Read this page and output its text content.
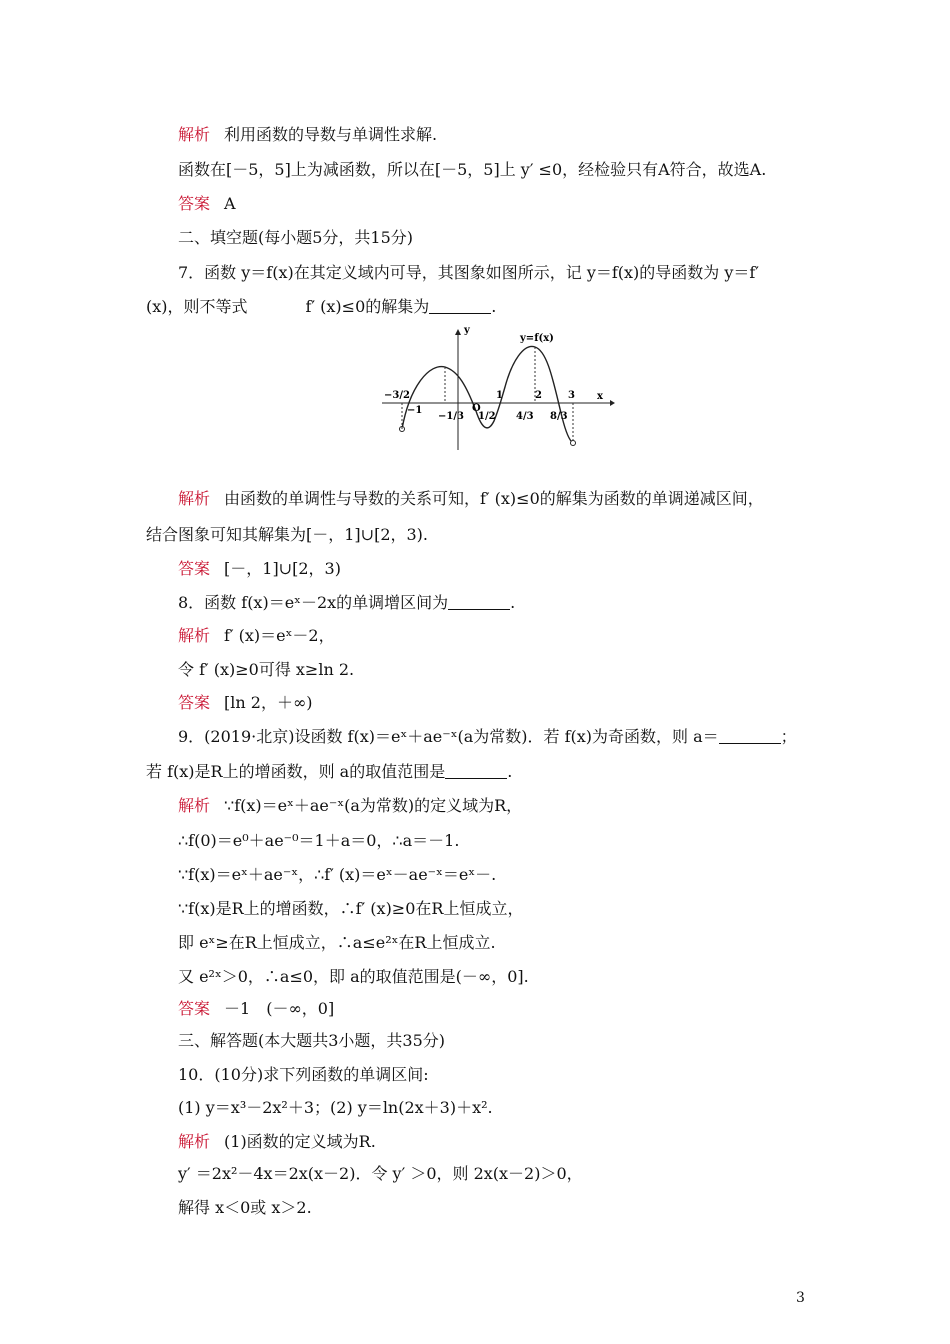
解析 利用函数的导数与单调性求解.
函数在[－5，5]上为减函数，所以在[－5，5]上 y′ ≤0，经检验只有A符合，故选A.
答案 A
二、填空题(每小题5分，共15分)
7．函数 y＝f(x)在其定义域内可导，其图象如图所示，记 y＝f(x)的导函数为 y＝f′
(x)，则不等式	f′ (x)≤0的解集为	.
y
y=f(x)
x
O
−3/2
−1
−1/3 1/2
1
4/3
2
8/3
3
解析 由函数的单调性与导数的关系可知，f′ (x)≤0的解集为函数的单调递减区间，
结合图象可知其解集为[－，1]∪[2，3).
答案 [－，1]∪[2，3)
8．函数 f(x)＝eˣ－2x的单调增区间为	.
解析 f′ (x)＝eˣ－2，
令 f′ (x)≥0可得 x≥ln 2.
答案 [ln 2，＋∞)
9．(2019·北京)设函数 f(x)＝eˣ＋ae⁻ˣ(a为常数)．若 f(x)为奇函数，则 a＝	；
若 f(x)是R上的增函数，则 a的取值范围是	.
解析 ∵f(x)＝eˣ＋ae⁻ˣ(a为常数)的定义域为R，
∴f(0)＝e⁰＋ae⁻⁰＝1＋a＝0，∴a＝－1.
∵f(x)＝eˣ＋ae⁻ˣ，∴f′ (x)＝eˣ－ae⁻ˣ＝eˣ－.
∵f(x)是R上的增函数，∴f′ (x)≥0在R上恒成立，
即 eˣ≥在R上恒成立，∴a≤e²ˣ在R上恒成立.
又 e²ˣ＞0，∴a≤0，即 a的取值范围是(－∞，0].
答案 －1　(－∞，0]
三、解答题(本大题共3小题，共35分)
10．(10分)求下列函数的单调区间:
(1) y＝x³－2x²＋3；(2) y＝ln(2x＋3)＋x².
解析 (1)函数的定义域为R.
y′ ＝2x²－4x＝2x(x－2)．令 y′ ＞0，则 2x(x－2)＞0，
解得 x＜0或 x＞2.
3
